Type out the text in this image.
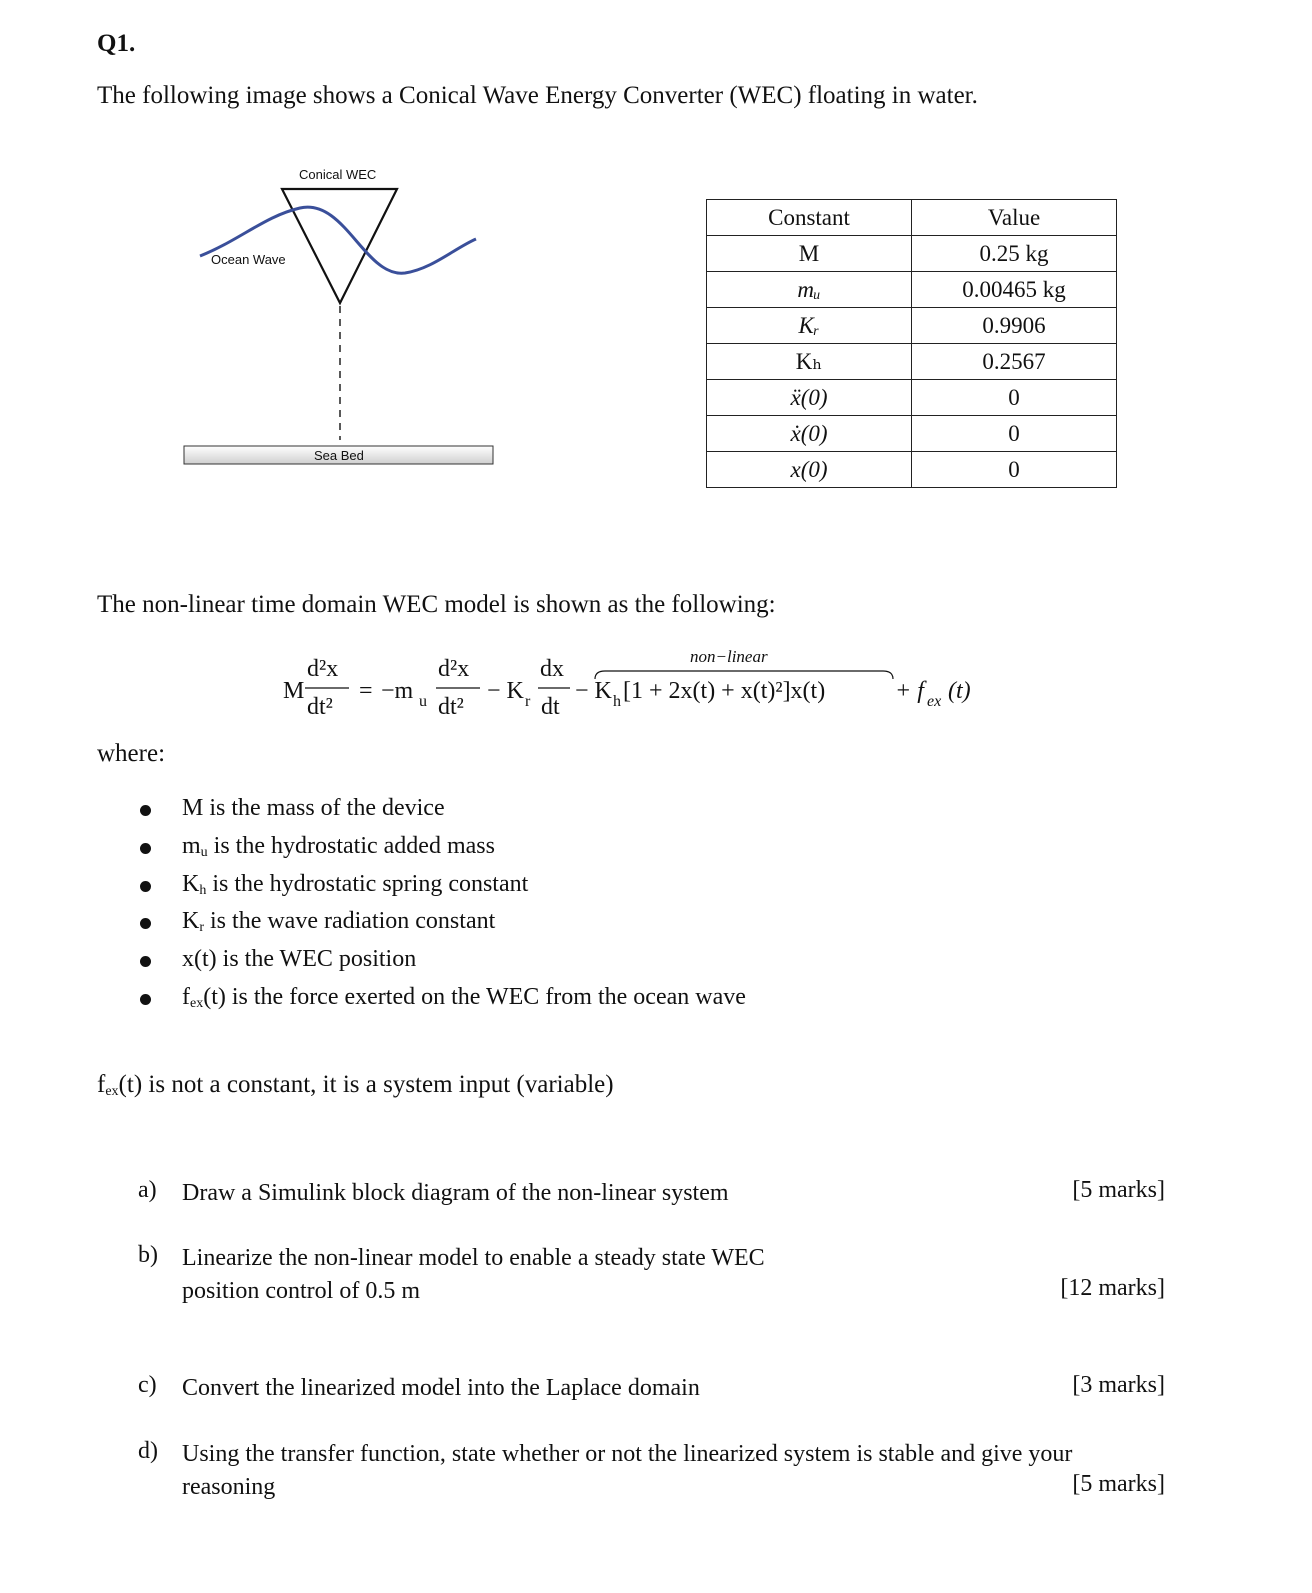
Q1.
The following image shows a Conical Wave Energy Converter (WEC) floating in water.
Conical WEC
Ocean Wave
Sea Bed
Constant	Value
M	0.25 kg
mᵤ	0.00465 kg
Kᵣ	0.9906
Kₕ	0.2567
ẍ(0)	0
ẋ(0)	0
x(0)	0
The non-linear time domain WEC model is shown as the following:
non−linear
M
d²x
dt²
= −m u
d²x
dt²
− K r
dx
dt
− K h [1 + 2x(t) + x(t)²]x(t)	+ f ex (t)
where:
M is the mass of the device
$m_u$ is the hydrostatic added mass
$K_h$ is the hydrostatic spring constant
$K_r$ is the wave radiation constant
x(t) is the WEC position
$f_{ex}(t)$ is the force exerted on the WEC from the ocean wave
$f_{ex}(t)$ is not a constant, it is a system input (variable)
a) Draw a Simulink block diagram of the non-linear system	[5 marks]
b) Linearize the non-linear model to enable a steady state WEC
position control of 0.5 m	[12 marks]
c) Convert the linearized model into the Laplace domain	[3 marks]
d) Using the transfer function, state whether or not the linearized system is stable and give your
reasoning	[5 marks]
